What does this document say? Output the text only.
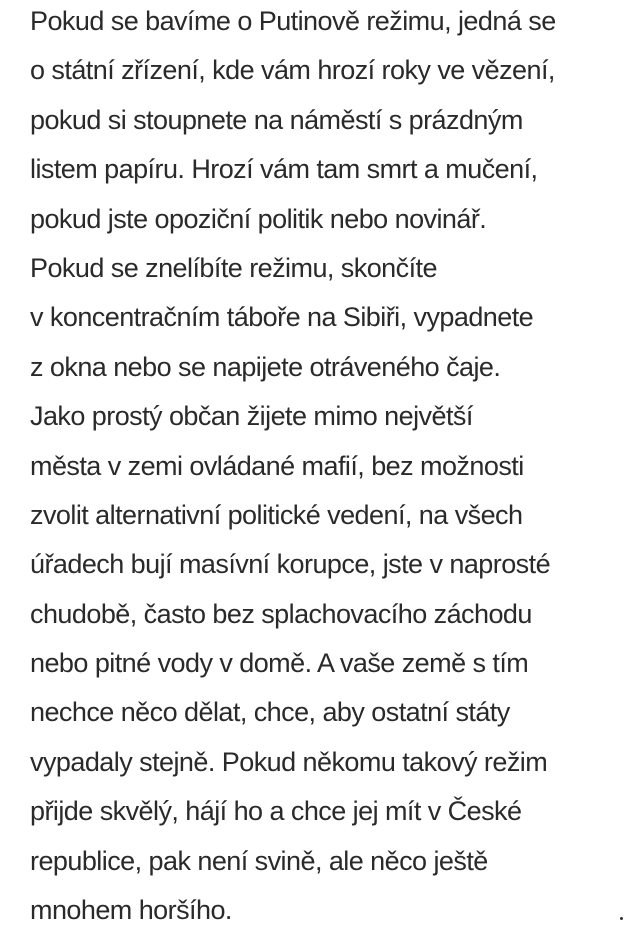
Pokud se bavíme o Putinově režimu, jedná se
o státní zřízení, kde vám hrozí roky ve vězení,
pokud si stoupnete na náměstí s prázdným
listem papíru. Hrozí vám tam smrt a mučení,
pokud jste opoziční politik nebo novinář.
Pokud se znelíbíte režimu, skončíte
v koncentračním táboře na Sibiři, vypadnete
z okna nebo se napijete otráveného čaje.
Jako prostý občan žijete mimo největší
města v zemi ovládané mafií, bez možnosti
zvolit alternativní politické vedení, na všech
úřadech bují masívní korupce, jste v naprosté
chudobě, často bez splachovacího záchodu
nebo pitné vody v domě. A vaše země s tím
nechce něco dělat, chce, aby ostatní státy
vypadaly stejně. Pokud někomu takový režim
přijde skvělý, hájí ho a chce jej mít v České
republice, pak není svině, ale něco ještě
mnohem horšího.
